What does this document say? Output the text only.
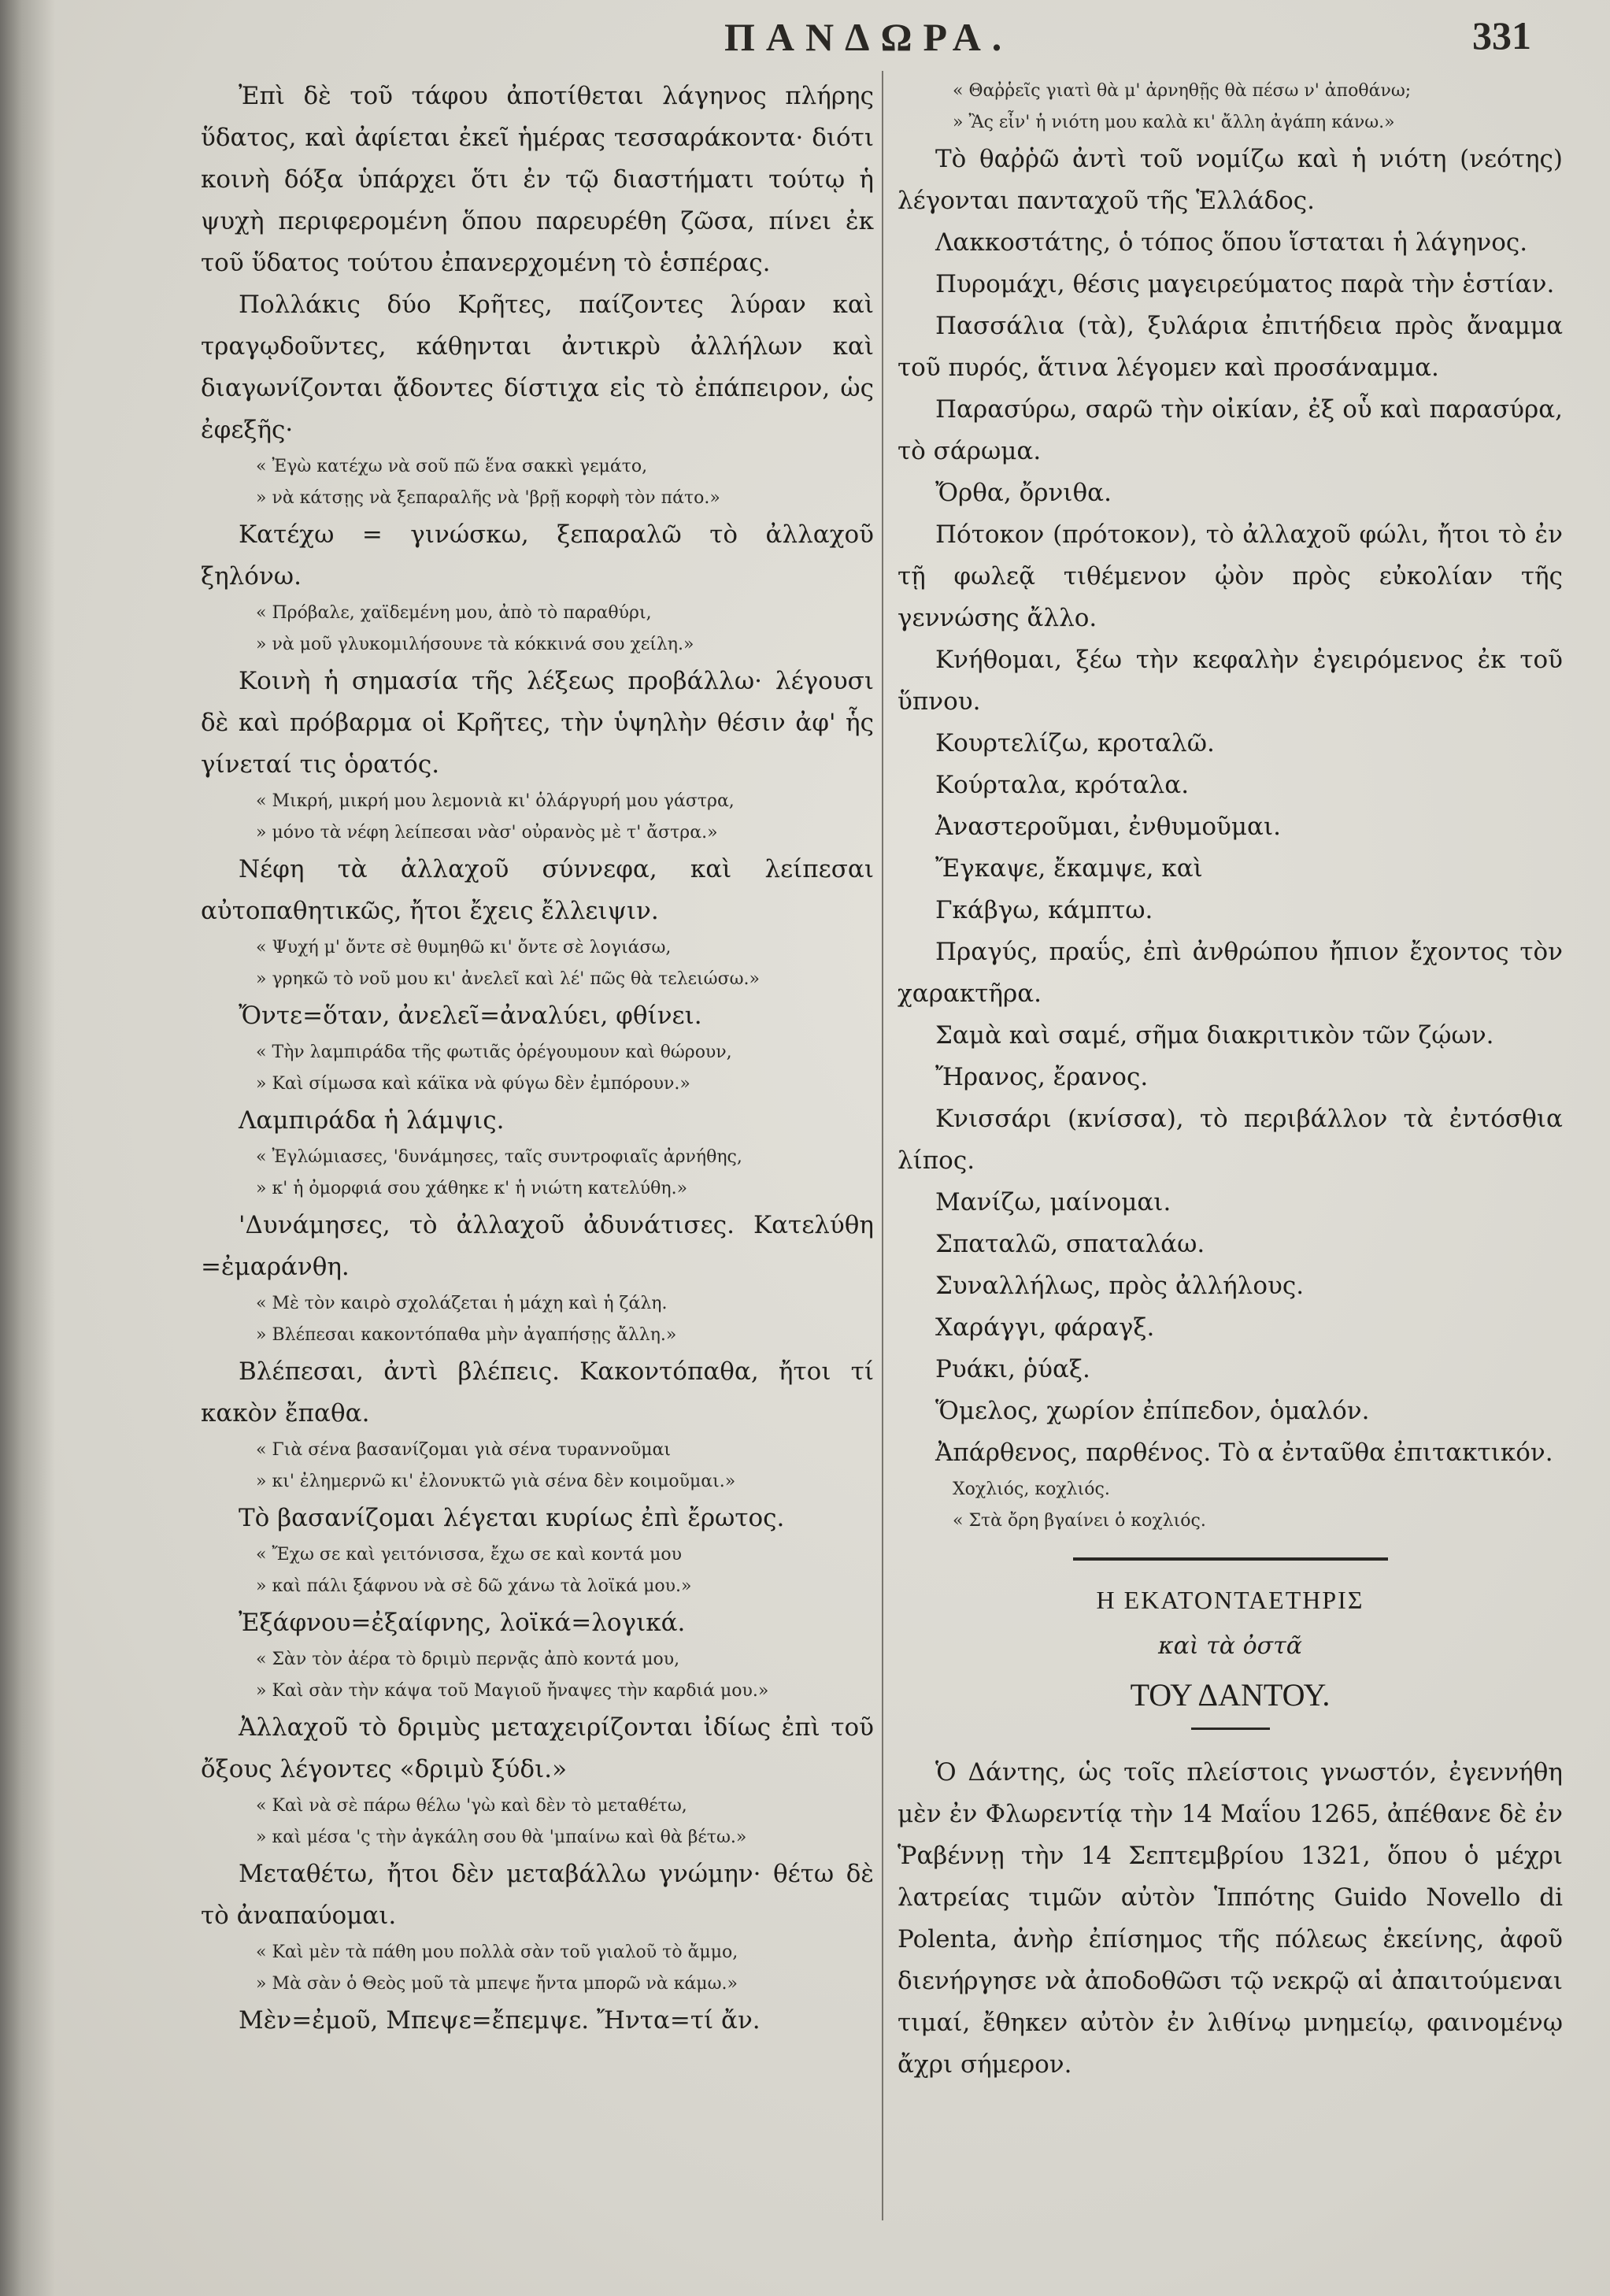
ΠΑΝΔΩΡΑ.	331

Ἐπὶ δὲ τοῦ τάφου ἀποτίθεται λάγηνος πλήρης ὕδατος, καὶ ἀφίεται ἐκεῖ ἡμέρας τεσσαράκοντα· διότι κοινὴ δόξα ὑπάρχει ὅτι ἐν τῷ διαστήματι τούτῳ ἡ ψυχὴ περιφερομένη ὅπου παρευρέθη ζῶσα, πίνει ἐκ τοῦ ὕδατος τούτου ἐπανερχομένη τὸ ἑσπέρας.

Πολλάκις δύο Κρῆτες, παίζοντες λύραν καὶ τραγῳδοῦντες, κάθηνται ἀντικρὺ ἀλλήλων καὶ διαγωνίζονται ᾄδοντες δίστιχα εἰς τὸ ἐπάπειρον, ὡς ἐφεξῆς·

« Ἐγὼ κατέχω νὰ σοῦ πῶ ἕνα σακκὶ γεμάτο,

» νὰ κάτσῃς νὰ ξεπαραλῆς νὰ 'βρῇ κορφὴ τὸν πάτο.»

Κατέχω = γινώσκω, ξεπαραλῶ τὸ ἀλλαχοῦ ξηλόνω.

« Πρόβαλε, χαϊδεμένη μου, ἀπὸ τὸ παραθύρι,

» νὰ μοῦ γλυκομιλήσουνε τὰ κόκκινά σου χείλη.»

Κοινὴ ἡ σημασία τῆς λέξεως προβάλλω· λέγουσι δὲ καὶ πρόβαρμα οἱ Κρῆτες, τὴν ὑψηλὴν θέσιν ἀφ' ἧς γίνεταί τις ὁρατός.

« Μικρή, μικρή μου λεμονιὰ κι' ὁλάργυρή μου γάστρα,

» μόνο τὰ νέφη λείπεσαι νὰσ' οὐρανὸς μὲ τ' ἄστρα.»

Νέφη τὰ ἀλλαχοῦ σύννεφα, καὶ λείπεσαι αὐτοπαθητικῶς, ἤτοι ἔχεις ἔλλειψιν.

« Ψυχή μ' ὄντε σὲ θυμηθῶ κι' ὄντε σὲ λογιάσω,

» γρηκῶ τὸ νοῦ μου κι' ἀνελεῖ καὶ λέ' πῶς θὰ τελειώσω.»

Ὄντε=ὅταν, ἀνελεῖ=ἀναλύει, φθίνει.

« Τὴν λαμπιράδα τῆς φωτιᾶς ὀρέγουμουν καὶ θώρουν,

» Καὶ σίμωσα καὶ κάϊκα νὰ φύγω δὲν ἐμπόρουν.»

Λαμπιράδα ἡ λάμψις.

« Ἐγλώμιασες, 'δυνάμησες, ταῖς συντροφιαῖς ἀρνήθης,

» κ' ἡ ὀμορφιά σου χάθηκε κ' ἡ νιώτη κατελύθη.»

'Δυνάμησες, τὸ ἀλλαχοῦ ἀδυνάτισες. Κατελύθη =ἐμαράνθη.

« Μὲ τὸν καιρὸ σχολάζεται ἡ μάχη καὶ ἡ ζάλη.

» Βλέπεσαι κακοντόπαθα μὴν ἀγαπήσῃς ἄλλη.»

Βλέπεσαι, ἀντὶ βλέπεις. Κακοντόπαθα, ἤτοι τί κακὸν ἔπαθα.

« Γιὰ σένα βασανίζομαι γιὰ σένα τυραννοῦμαι

» κι' ἐλημερνῶ κι' ἐλονυκτῶ γιὰ σένα δὲν κοιμοῦμαι.»

Τὸ βασανίζομαι λέγεται κυρίως ἐπὶ ἔρωτος.

« Ἔχω σε καὶ γειτόνισσα, ἔχω σε καὶ κοντά μου

» καὶ πάλι ξάφνου νὰ σὲ δῶ χάνω τὰ λοϊκά μου.»

Ἐξάφνου=ἐξαίφνης, λοϊκά=λογικά.

« Σὰν τὸν ἀέρα τὸ δριμὺ περνᾷς ἀπὸ κοντά μου,

» Καὶ σὰν τὴν κάψα τοῦ Μαγιοῦ ἤναψες τὴν καρδιά μου.»

Ἀλλαχοῦ τὸ δριμὺς μεταχειρίζονται ἰδίως ἐπὶ τοῦ ὄξους λέγοντες «δριμὺ ξύδι.»

« Καὶ νὰ σὲ πάρω θέλω 'γὼ καὶ δὲν τὸ μεταθέτω,

» καὶ μέσα 'ς τὴν ἀγκάλη σου θὰ 'μπαίνω καὶ θὰ βέτω.»

Μεταθέτω, ἤτοι δὲν μεταβάλλω γνώμην· θέτω δὲ τὸ ἀναπαύομαι.

« Καὶ μὲν τὰ πάθη μου πολλὰ σὰν τοῦ γιαλοῦ τὸ ἄμμο,

» Μὰ σὰν ὁ Θεὸς μοῦ τὰ μπεψε ἤντα μπορῶ νὰ κάμω.»

Μὲν=ἐμοῦ, Μπεψε=ἔπεμψε. Ἤντα=τί ἄν.

« Θαῤῥεῖς γιατὶ θὰ μ' ἀρνηθῇς θὰ πέσω ν' ἀποθάνω;

» Ἂς εἶν' ἡ νιότη μου καλὰ κι' ἄλλη ἀγάπη κάνω.»

Τὸ θαῤῥῶ ἀντὶ τοῦ νομίζω καὶ ἡ νιότη (νεότης) λέγονται πανταχοῦ τῆς Ἑλλάδος.

Λακκοστάτης, ὁ τόπος ὅπου ἵσταται ἡ λάγηνος.

Πυρομάχι, θέσις μαγειρεύματος παρὰ τὴν ἑστίαν.

Πασσάλια (τὰ), ξυλάρια ἐπιτήδεια πρὸς ἄναμμα τοῦ πυρός, ἅτινα λέγομεν καὶ προσάναμμα.

Παρασύρω, σαρῶ τὴν οἰκίαν, ἐξ οὗ καὶ παρασύρα, τὸ σάρωμα.

Ὄρθα, ὄρνιθα.

Πότοκον (πρότοκον), τὸ ἀλλαχοῦ φώλι, ἤτοι τὸ ἐν τῇ φωλεᾷ τιθέμενον ᾠὸν πρὸς εὐκολίαν τῆς γεννώσης ἄλλο.

Κνήθομαι, ξέω τὴν κεφαλὴν ἐγειρόμενος ἐκ τοῦ ὕπνου.

Κουρτελίζω, κροταλῶ.

Κούρταλα, κρόταλα.

Ἀναστεροῦμαι, ἐνθυμοῦμαι.

Ἔγκαψε, ἔκαμψε, καὶ

Γκάβγω, κάμπτω.

Πραγύς, πραΰς, ἐπὶ ἀνθρώπου ἤπιον ἔχοντος τὸν χαρακτῆρα.

Σαμὰ καὶ σαμέ, σῆμα διακριτικὸν τῶν ζῴων.

Ἤρανος, ἔρανος.

Κνισσάρι (κνίσσα), τὸ περιβάλλον τὰ ἐντόσθια λίπος.

Μανίζω, μαίνομαι.

Σπαταλῶ, σπαταλάω.

Συναλλήλως, πρὸς ἀλλήλους.

Χαράγγι, φάραγξ.

Ρυάκι, ῥύαξ.

Ὅμελος, χωρίον ἐπίπεδον, ὁμαλόν.

Ἀπάρθενος, παρθένος. Τὸ α ἐνταῦθα ἐπιτακτικόν.

Χοχλιός, κοχλιός.

« Στὰ ὄρη βγαίνει ὁ κοχλιός.

Η ΕΚΑΤΟΝΤΑΕΤΗΡΙΣ

καὶ τὰ ὀστᾶ

ΤΟΥ ΔΑΝΤΟΥ.

Ὁ Δάντης, ὡς τοῖς πλείστοις γνωστόν, ἐγεννήθη μὲν ἐν Φλωρεντίᾳ τὴν 14 Μαΐου 1265, ἀπέθανε δὲ ἐν Ῥαβέννῃ τὴν 14 Σεπτεμβρίου 1321, ὅπου ὁ μέχρι λατρείας τιμῶν αὐτὸν Ἱππότης Guido Novello di Polenta, ἀνὴρ ἐπίσημος τῆς πόλεως ἐκείνης, ἀφοῦ διενήργησε νὰ ἀποδοθῶσι τῷ νεκρῷ αἱ ἀπαιτούμεναι τιμαί, ἔθηκεν αὐτὸν ἐν λιθίνῳ μνημείῳ, φαινομένῳ ἄχρι σήμερον.
